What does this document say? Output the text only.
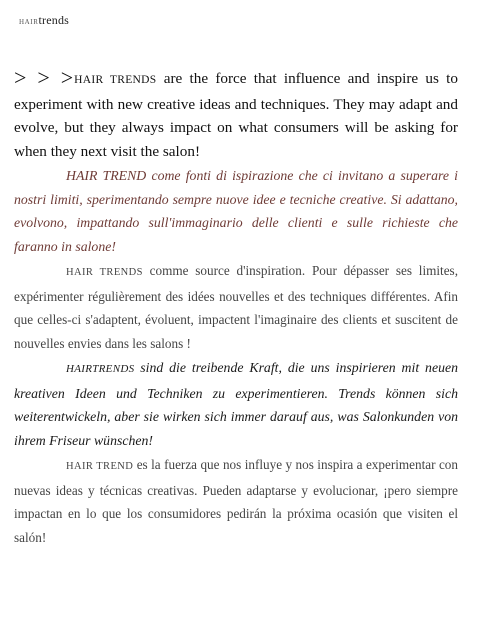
HAIRtrends

> > >HAIR TRENDS are the force that influence and inspire us to experiment with new creative ideas and techniques. They may adapt and evolve, but they always impact on what consumers will be asking for when they next visit the salon!

HAIR TREND come fonti di ispirazione che ci invitano a superare i nostri limiti, sperimentando sempre nuove idee e tecniche creative. Si adattano, evolvono, impattando sull'immaginario delle clienti e sulle richieste che faranno in salone!

HAIR TRENDS comme source d'inspiration. Pour dépasser ses limites, expérimenter régulièrement des idées nouvelles et des techniques différentes. Afin que celles-ci s'adaptent, évoluent, impactent l'imaginaire des clients et suscitent de nouvelles envies dans les salons !

HAIRTRENDS sind die treibende Kraft, die uns inspirieren mit neuen kreativen Ideen und Techniken zu experimentieren. Trends können sich weiterentwickeln, aber sie wirken sich immer darauf aus, was Salonkunden von ihrem Friseur wünschen!

HAIR TREND es la fuerza que nos influye y nos inspira a experimentar con nuevas ideas y técnicas creativas. Pueden adaptarse y evolucionar, ¡pero siempre impactan en lo que los consumidores pedirán la próxima ocasión que visiten el salón!
